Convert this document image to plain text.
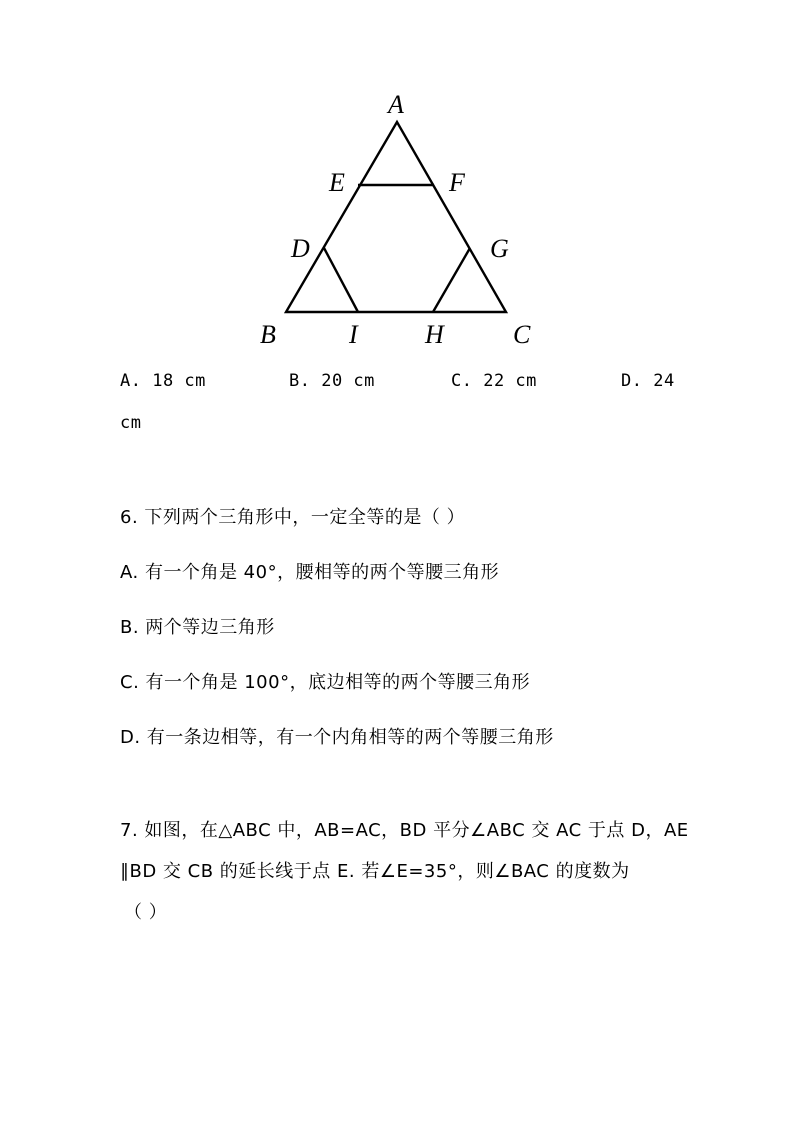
A
E	F
D	G
B	I	H	C
A. 18 cm	B. 20 cm	C. 22 cm	D. 24
cm
6. 下列两个三角形中，一定全等的是（ ）
A. 有一个角是 40°，腰相等的两个等腰三角形
B. 两个等边三角形
C. 有一个角是 100°，底边相等的两个等腰三角形
D. 有一条边相等，有一个内角相等的两个等腰三角形
7. 如图，在△ABC 中，AB=AC，BD 平分∠ABC 交 AC 于点 D，AE
∥BD 交 CB 的延长线于点 E. 若∠E=35°，则∠BAC 的度数为
（ ）
